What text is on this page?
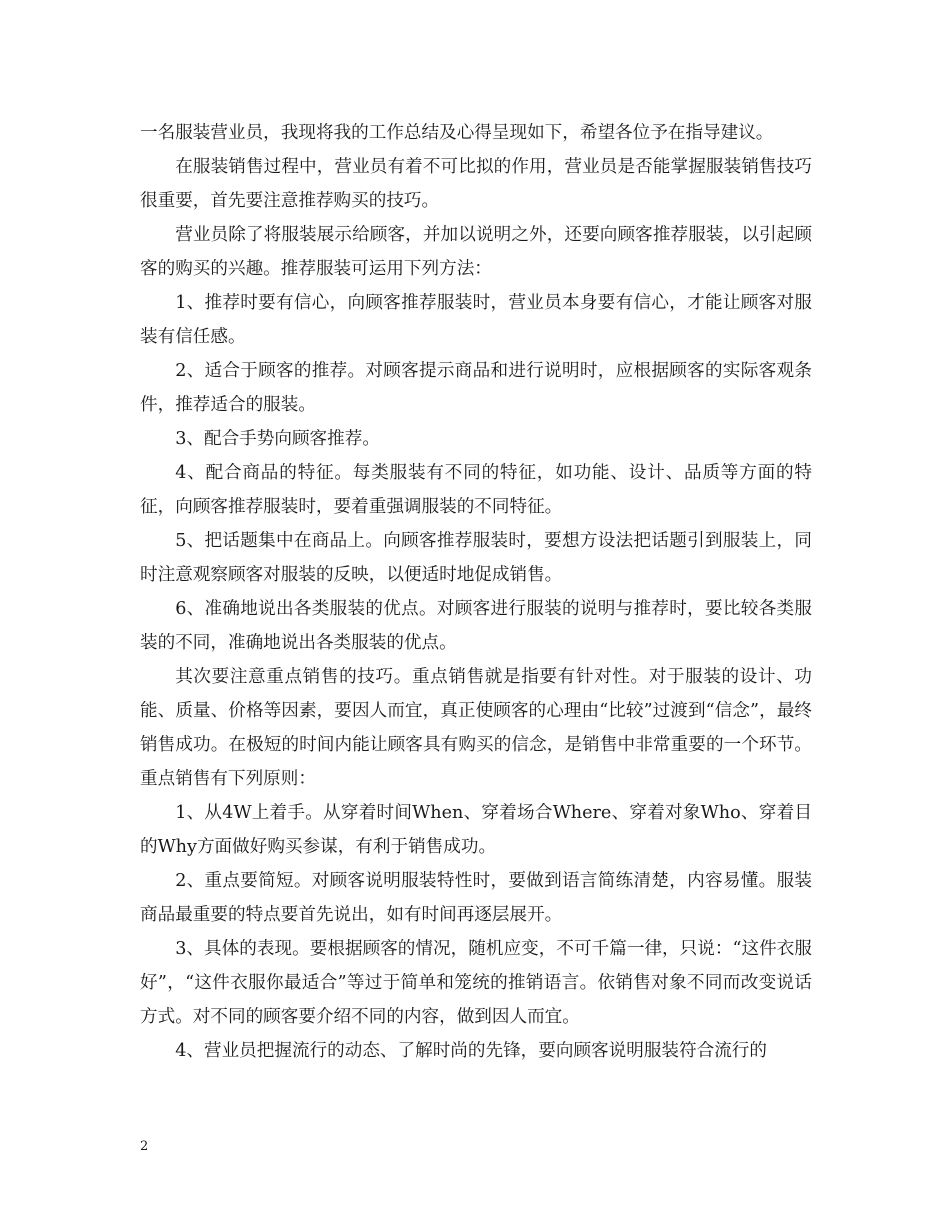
一名服装营业员，我现将我的工作总结及心得呈现如下，希望各位予在指导建议。

在服装销售过程中，营业员有着不可比拟的作用，营业员是否能掌握服装销售技巧很重要，首先要注意推荐购买的技巧。

营业员除了将服装展示给顾客，并加以说明之外，还要向顾客推荐服装，以引起顾客的购买的兴趣。推荐服装可运用下列方法：

1、推荐时要有信心，向顾客推荐服装时，营业员本身要有信心，才能让顾客对服装有信任感。

2、适合于顾客的推荐。对顾客提示商品和进行说明时，应根据顾客的实际客观条件，推荐适合的服装。

3、配合手势向顾客推荐。

4、配合商品的特征。每类服装有不同的特征，如功能、设计、品质等方面的特征，向顾客推荐服装时，要着重强调服装的不同特征。

5、把话题集中在商品上。向顾客推荐服装时，要想方设法把话题引到服装上，同时注意观察顾客对服装的反映，以便适时地促成销售。

6、准确地说出各类服装的优点。对顾客进行服装的说明与推荐时，要比较各类服装的不同，准确地说出各类服装的优点。

其次要注意重点销售的技巧。重点销售就是指要有针对性。对于服装的设计、功能、质量、价格等因素，要因人而宜，真正使顾客的心理由“比较”过渡到“信念”，最终销售成功。在极短的时间内能让顾客具有购买的信念，是销售中非常重要的一个环节。重点销售有下列原则：

1、从4W上着手。从穿着时间When、穿着场合Where、穿着对象Who、穿着目的Why方面做好购买参谋，有利于销售成功。

2、重点要简短。对顾客说明服装特性时，要做到语言简练清楚，内容易懂。服装商品最重要的特点要首先说出，如有时间再逐层展开。

3、具体的表现。要根据顾客的情况，随机应变，不可千篇一律，只说：“这件衣服好”，“这件衣服你最适合”等过于简单和笼统的推销语言。依销售对象不同而改变说话方式。对不同的顾客要介绍不同的内容，做到因人而宜。

4、营业员把握流行的动态、了解时尚的先锋，要向顾客说明服装符合流行的

2
